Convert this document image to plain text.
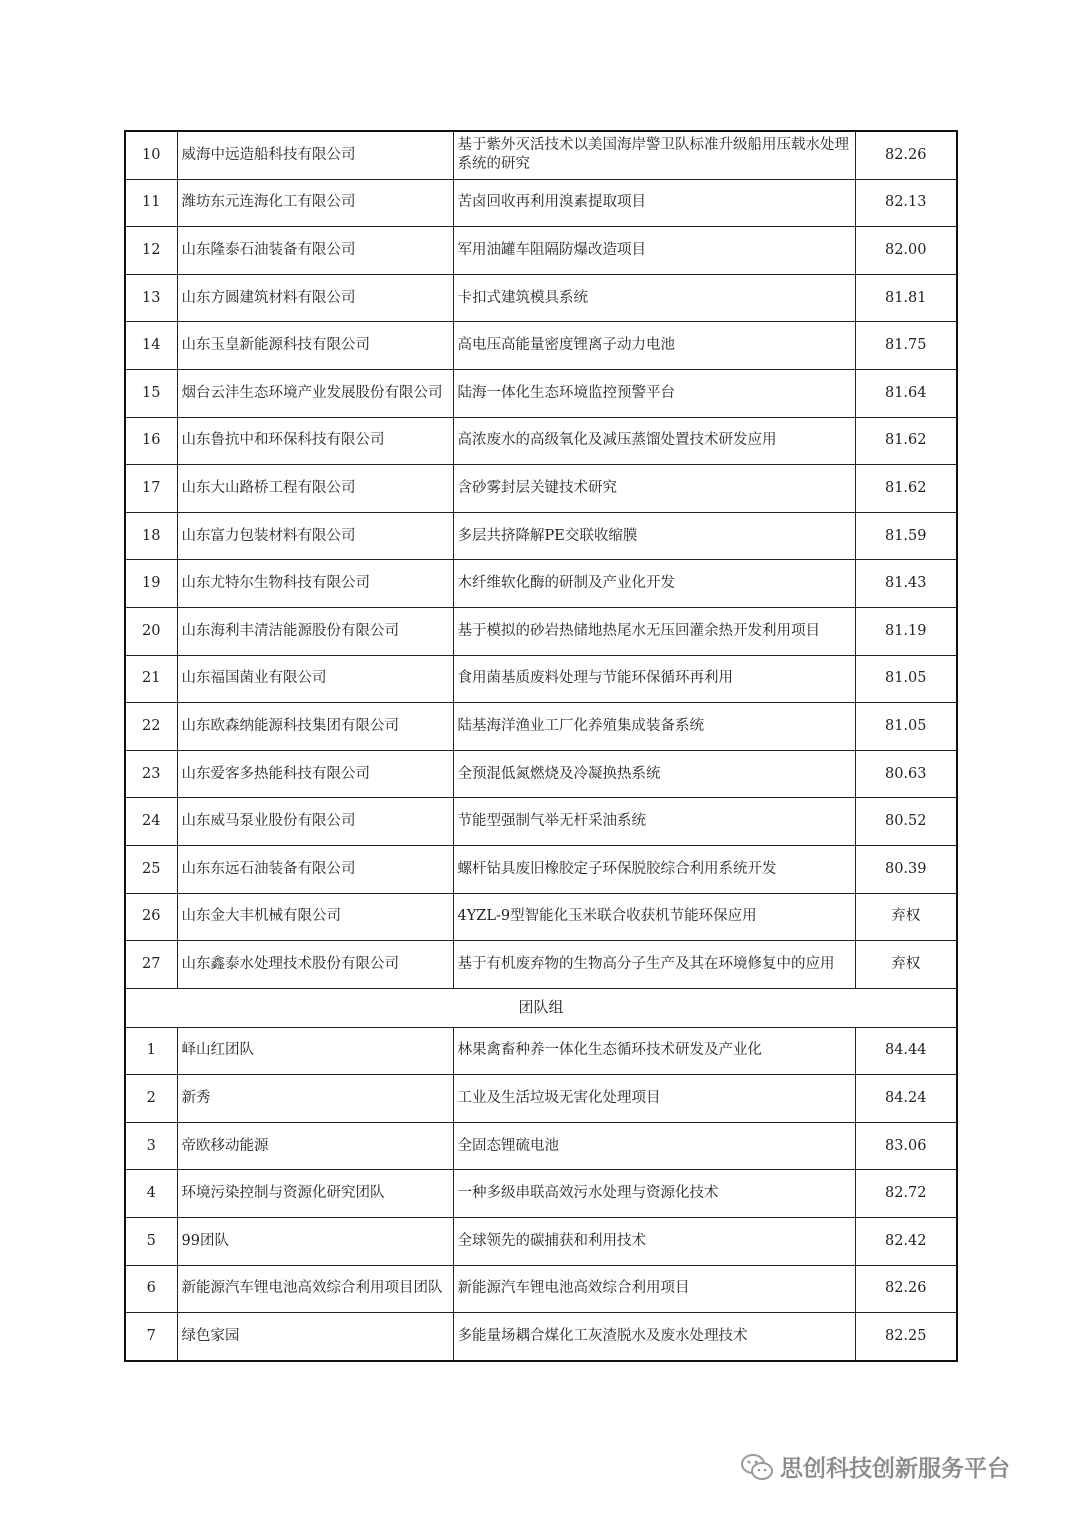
10	威海中远造船科技有限公司	基于紫外灭活技术以美国海岸警卫队标准升级船用压载水处理系统的研究	82.26
11	潍坊东元连海化工有限公司	苦卤回收再利用溴素提取项目	82.13
12	山东隆泰石油装备有限公司	军用油罐车阻隔防爆改造项目	82.00
13	山东方圆建筑材料有限公司	卡扣式建筑模具系统	81.81
14	山东玉皇新能源科技有限公司	高电压高能量密度锂离子动力电池	81.75
15	烟台云沣生态环境产业发展股份有限公司	陆海一体化生态环境监控预警平台	81.64
16	山东鲁抗中和环保科技有限公司	高浓废水的高级氧化及减压蒸馏处置技术研发应用	81.62
17	山东大山路桥工程有限公司	含砂雾封层关键技术研究	81.62
18	山东富力包装材料有限公司	多层共挤降解PE交联收缩膜	81.59
19	山东尤特尔生物科技有限公司	木纤维软化酶的研制及产业化开发	81.43
20	山东海利丰清洁能源股份有限公司	基于模拟的砂岩热储地热尾水无压回灌余热开发利用项目	81.19
21	山东福国菌业有限公司	食用菌基质废料处理与节能环保循环再利用	81.05
22	山东欧森纳能源科技集团有限公司	陆基海洋渔业工厂化养殖集成装备系统	81.05
23	山东爱客多热能科技有限公司	全预混低氮燃烧及冷凝换热系统	80.63
24	山东威马泵业股份有限公司	节能型强制气举无杆采油系统	80.52
25	山东东远石油装备有限公司	螺杆钻具废旧橡胶定子环保脱胶综合利用系统开发	80.39
26	山东金大丰机械有限公司	4YZL-9型智能化玉米联合收获机节能环保应用	弃权
27	山东鑫泰水处理技术股份有限公司	基于有机废弃物的生物高分子生产及其在环境修复中的应用	弃权
团队组			
1	峄山红团队	林果禽畜种养一体化生态循环技术研发及产业化	84.44
2	新秀	工业及生活垃圾无害化处理项目	84.24
3	帝欧移动能源	全固态锂硫电池	83.06
4	环境污染控制与资源化研究团队	一种多级串联高效污水处理与资源化技术	82.72
5	99团队	全球领先的碳捕获和利用技术	82.42
6	新能源汽车锂电池高效综合利用项目团队	新能源汽车锂电池高效综合利用项目	82.26
7	绿色家园	多能量场耦合煤化工灰渣脱水及废水处理技术	82.25
思创科技创新服务平台
